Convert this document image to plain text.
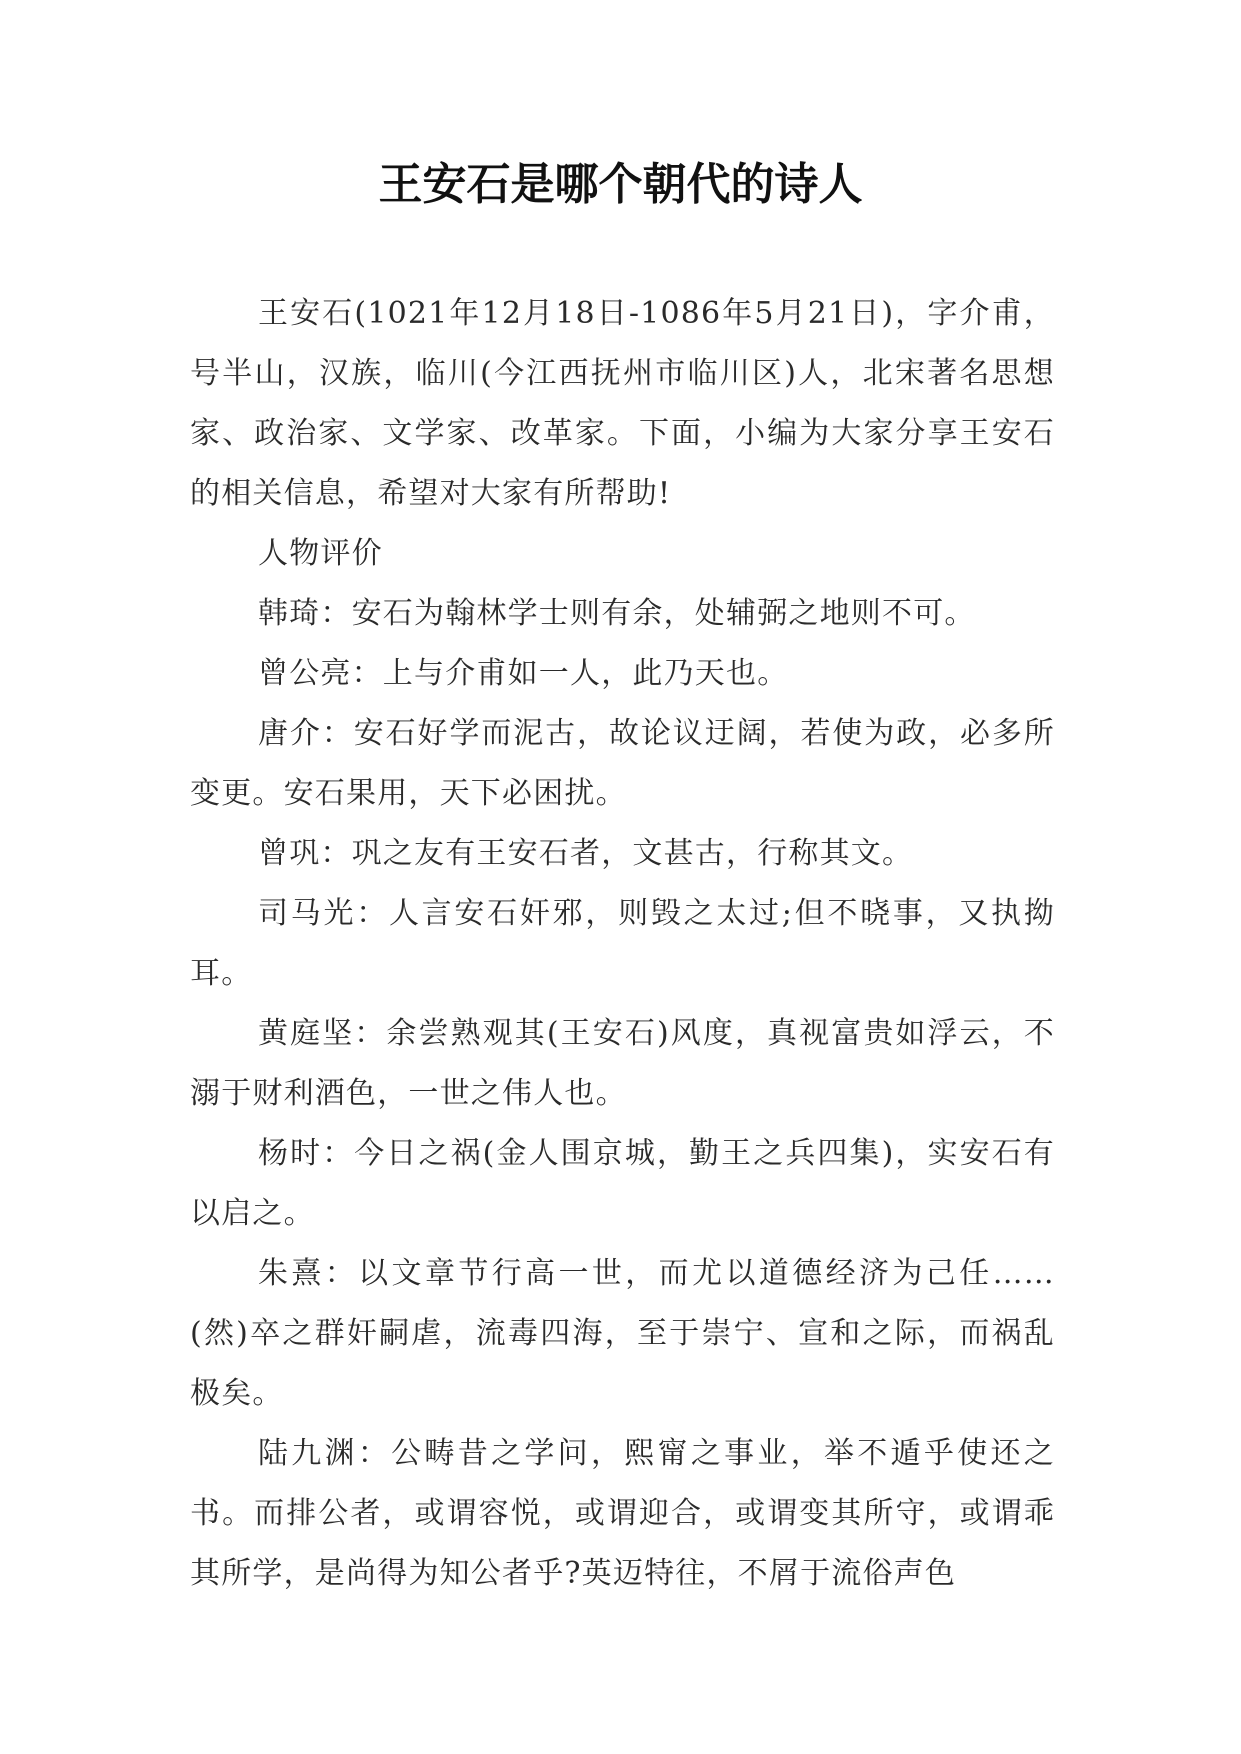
王安石是哪个朝代的诗人

王安石(1021年12月18日-1086年5月21日)，字介甫，号半山，汉族，临川(今江西抚州市临川区)人，北宋著名思想家、政治家、文学家、改革家。下面，小编为大家分享王安石的相关信息，希望对大家有所帮助!

人物评价

韩琦：安石为翰林学士则有余，处辅弼之地则不可。

曾公亮：上与介甫如一人，此乃天也。

唐介：安石好学而泥古，故论议迂阔，若使为政，必多所变更。安石果用，天下必困扰。

曾巩：巩之友有王安石者，文甚古，行称其文。

司马光：人言安石奸邪，则毁之太过;但不晓事，又执拗耳。

黄庭坚：余尝熟观其(王安石)风度，真视富贵如浮云，不溺于财利酒色，一世之伟人也。

杨时：今日之祸(金人围京城，勤王之兵四集)，实安石有以启之。

朱熹：以文章节行高一世，而尤以道德经济为己任……(然)卒之群奸嗣虐，流毒四海，至于崇宁、宣和之际，而祸乱极矣。

陆九渊：公畴昔之学问，熙甯之事业，举不遁乎使还之书。而排公者，或谓容悦，或谓迎合，或谓变其所守，或谓乖其所学，是尚得为知公者乎?英迈特往，不屑于流俗声色
